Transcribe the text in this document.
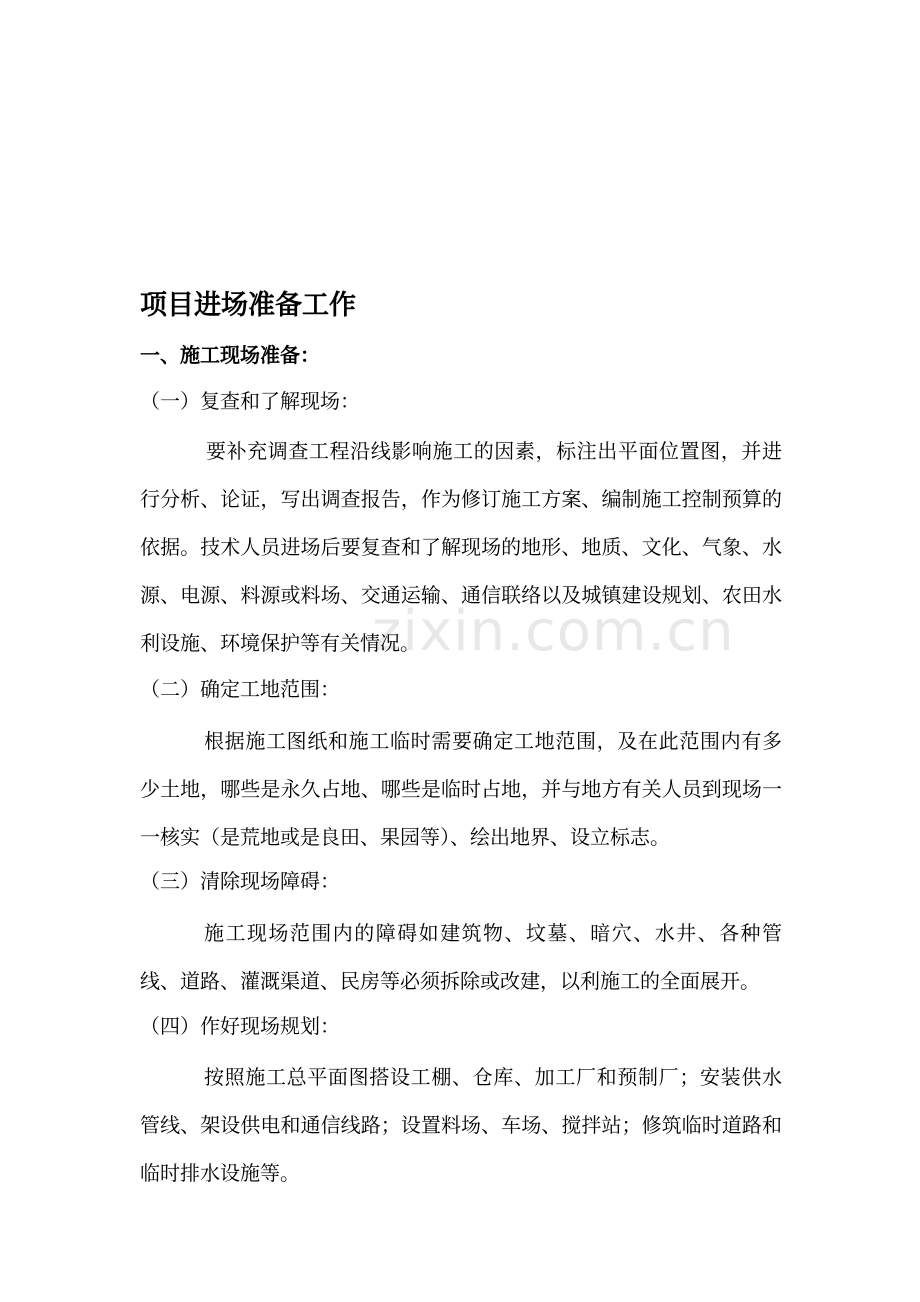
zixin.com.cn
项目进场准备工作
一、施工现场准备：
（一）复查和了解现场：

要补充调查工程沿线影响施工的因素，标注出平面位置图，并进行分析、论证，写出调查报告，作为修订施工方案、编制施工控制预算的依据。技术人员进场后要复查和了解现场的地形、地质、文化、气象、水源、电源、料源或料场、交通运输、通信联络以及城镇建设规划、农田水利设施、环境保护等有关情况。

（二）确定工地范围：

根据施工图纸和施工临时需要确定工地范围，及在此范围内有多少土地，哪些是永久占地、哪些是临时占地，并与地方有关人员到现场一一核实（是荒地或是良田、果园等）、绘出地界、设立标志。

（三）清除现场障碍：

施工现场范围内的障碍如建筑物、坟墓、暗穴、水井、各种管线、道路、灌溉渠道、民房等必须拆除或改建，以利施工的全面展开。

（四）作好现场规划：

按照施工总平面图搭设工棚、仓库、加工厂和预制厂；安装供水管线、架设供电和通信线路；设置料场、车场、搅拌站；修筑临时道路和临时排水设施等。
